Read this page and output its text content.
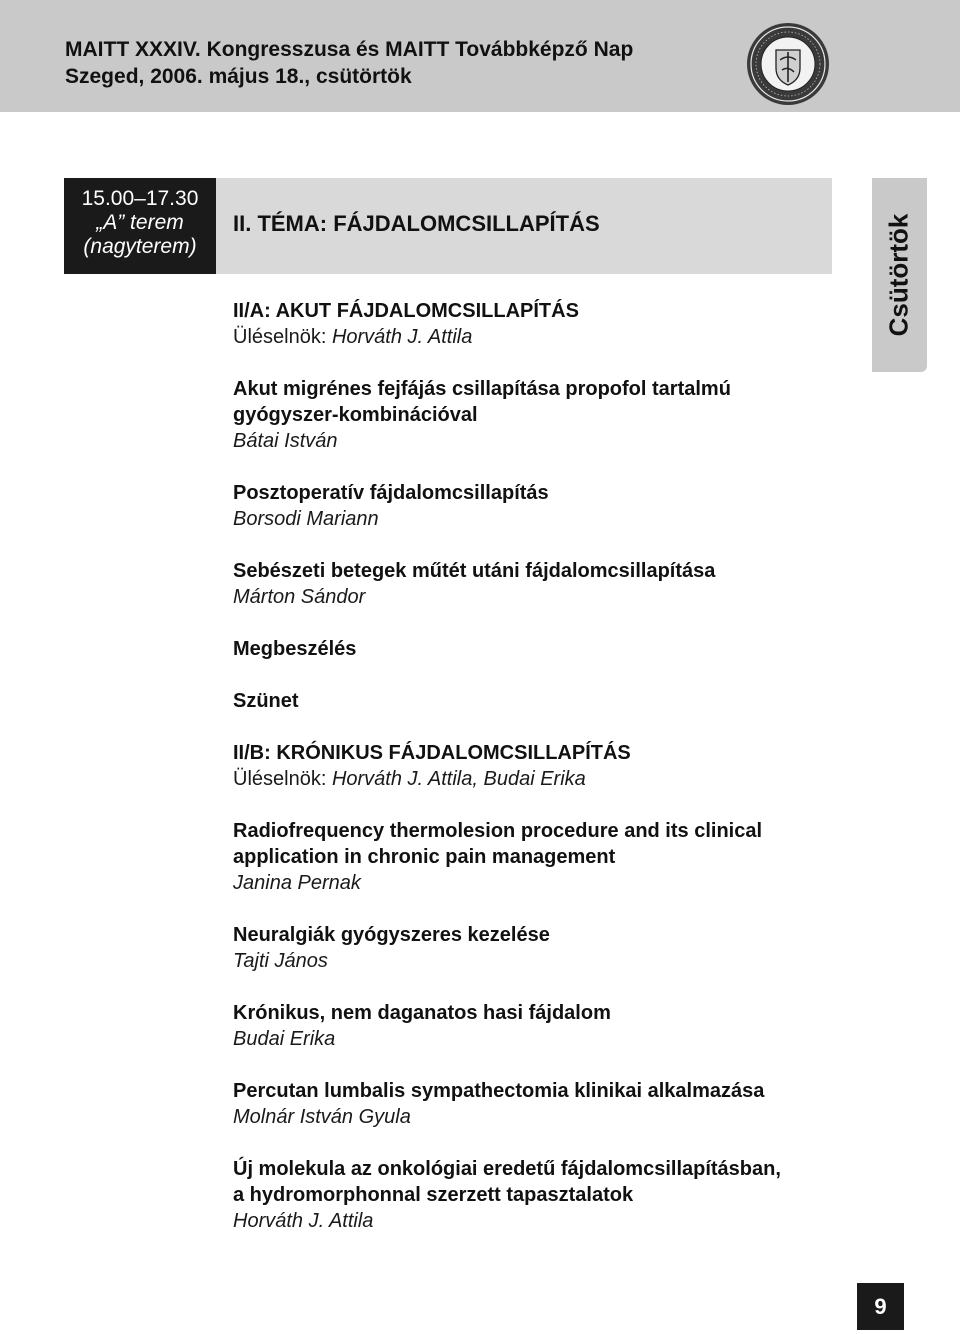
MAITT XXXIV. Kongresszusa és MAITT Továbbképző Nap
Szeged, 2006. május 18., csütörtök
15.00–17.30
„A” terem
(nagyterem)
II. TÉMA: FÁJDALOMCSILLAPÍTÁS	Csütörtök
II/A: AKUT FÁJDALOMCSILLAPÍTÁS
Üléselnök: Horváth J. Attila
Akut migrénes fejfájás csillapítása propofol tartalmú
gyógyszer-kombinációval
Bátai István
Posztoperatív fájdalomcsillapítás
Borsodi Mariann
Sebészeti betegek műtét utáni fájdalomcsillapítása
Márton Sándor
Megbeszélés
Szünet
II/B: KRÓNIKUS FÁJDALOMCSILLAPÍTÁS
Üléselnök: Horváth J. Attila, Budai Erika
Radiofrequency thermolesion procedure and its clinical
application in chronic pain management
Janina Pernak
Neuralgiák gyógyszeres kezelése
Tajti János
Krónikus, nem daganatos hasi fájdalom
Budai Erika
Percutan lumbalis sympathectomia klinikai alkalmazása
Molnár István Gyula
Új molekula az onkológiai eredetű fájdalomcsillapításban,
a hydromorphonnal szerzett tapasztalatok
Horváth J. Attila
9
